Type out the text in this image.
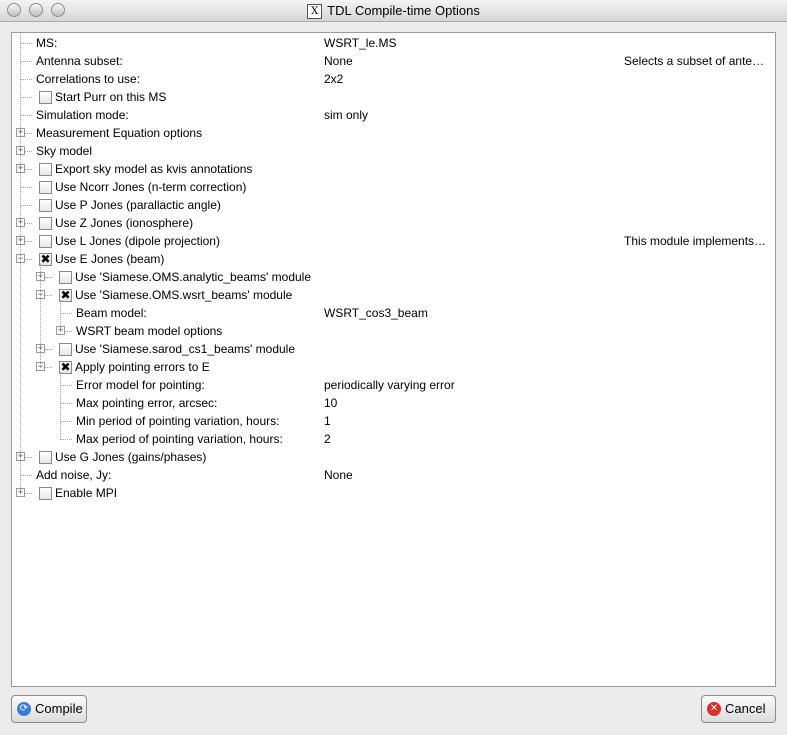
X TDL Compile-time Options
MS:	WSRT_le.MS
Antenna subset:	None	Selects a subset of ante…
Correlations to use:	2x2
Start Purr on this MS
Simulation mode:	sim only
+ Measurement Equation options
+ Sky model
+	Export sky model as kvis annotations
Use Ncorr Jones (n-term correction)
Use P Jones (parallactic angle)
+	Use Z Jones (ionosphere)
+	Use L Jones (dipole projection)	This module implements…
− ✖ Use E Jones (beam)
+	Use 'Siamese.OMS.analytic_beams' module
− ✖ Use 'Siamese.OMS.wsrt_beams' module
Beam model:	WSRT_cos3_beam
+ WSRT beam model options
+	Use 'Siamese.sarod_cs1_beams' module
− ✖ Apply pointing errors to E
Error model for pointing:	periodically varying error
Max pointing error, arcsec:	10
Min period of pointing variation, hours:	1
Max period of pointing variation, hours:	2
+	Use G Jones (gains/phases)
Add noise, Jy:	None
+	Enable MPI
⟳ Compile	✕ Cancel
